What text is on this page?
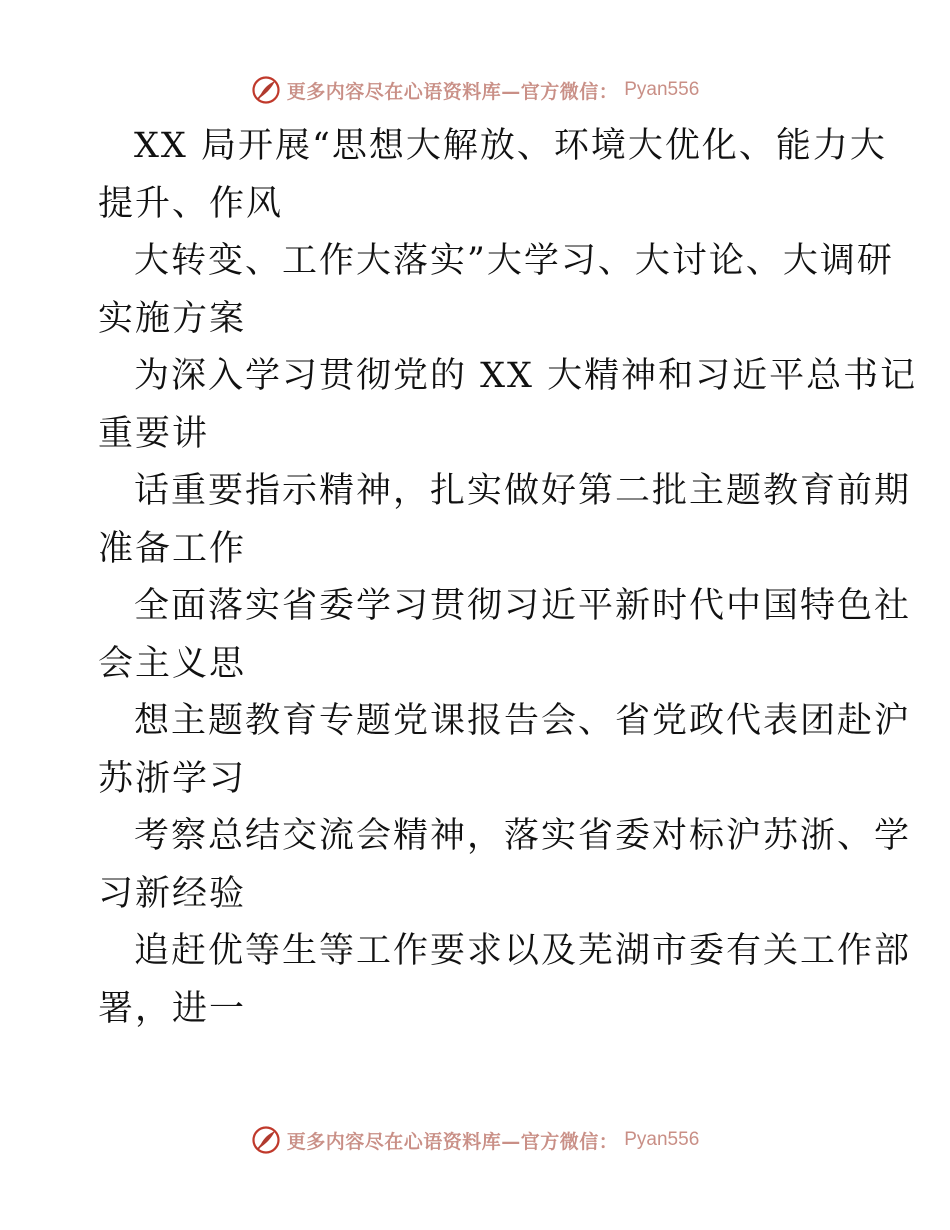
更多内容尽在心语资料库—官方微信： Pyan556
XX 局开展“思想大解放、环境大优化、能力大
提升、作风
大转变、工作大落实”大学习、大讨论、大调研
实施方案
为深入学习贯彻党的 XX 大精神和习近平总书记
重要讲
话重要指示精神，扎实做好第二批主题教育前期
准备工作
全面落实省委学习贯彻习近平新时代中国特色社
会主义思
想主题教育专题党课报告会、省党政代表团赴沪
苏浙学习
考察总结交流会精神，落实省委对标沪苏浙、学
习新经验
追赶优等生等工作要求以及芜湖市委有关工作部
署，进一
更多内容尽在心语资料库—官方微信： Pyan556
